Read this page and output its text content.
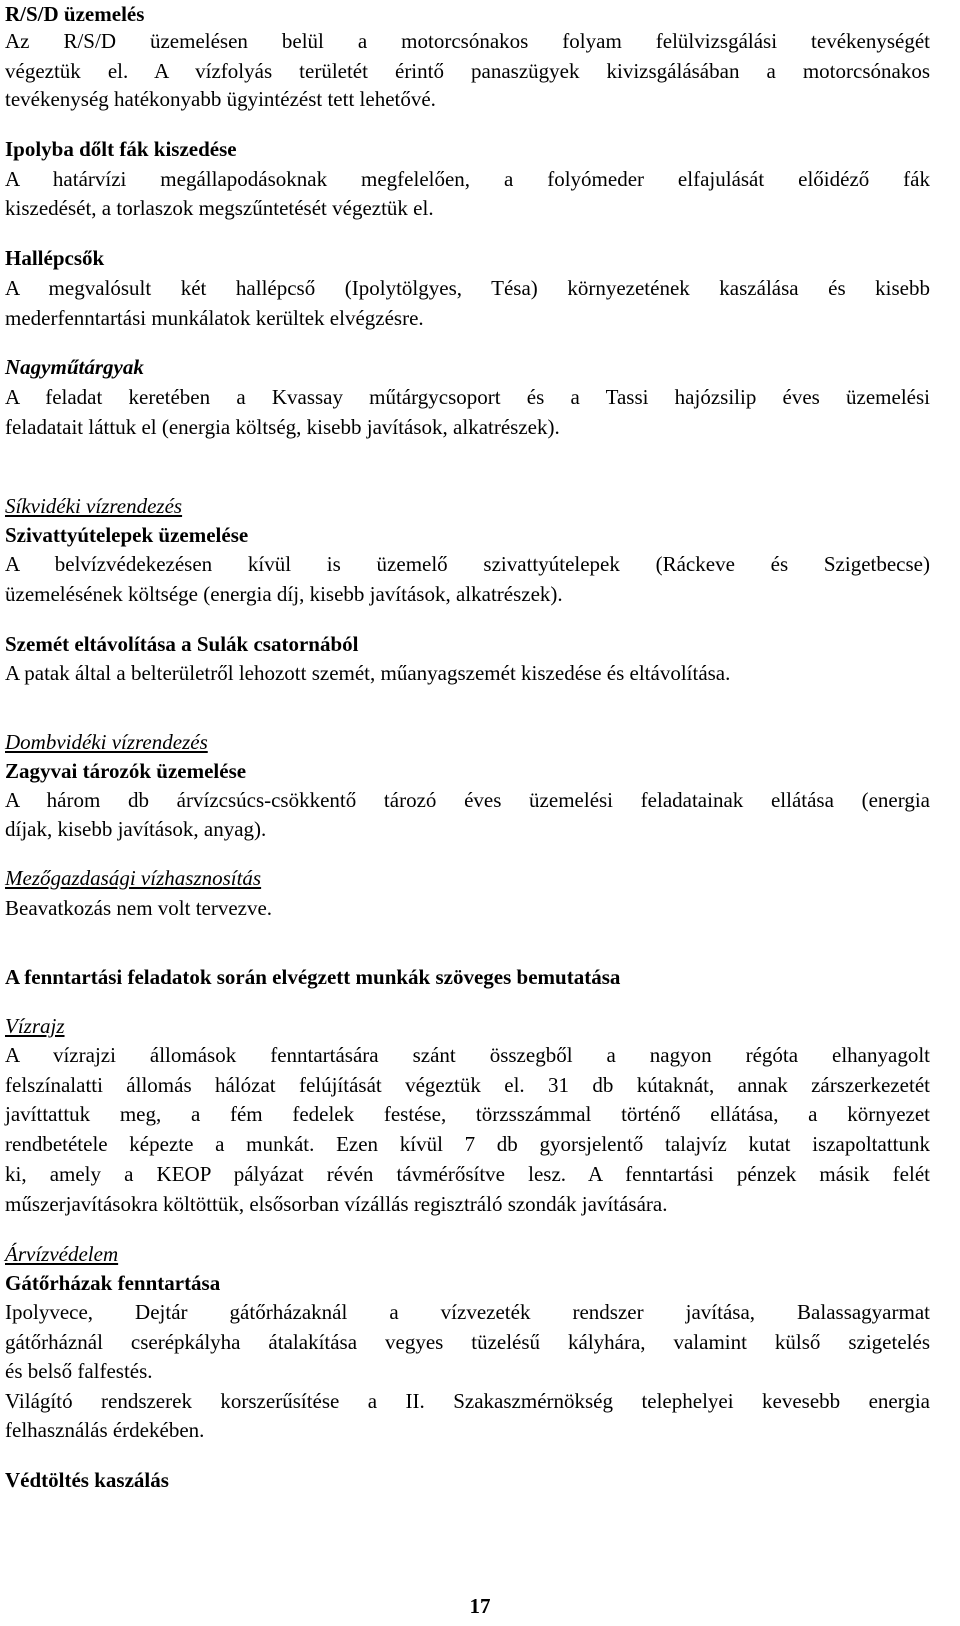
R/S/D üzemelés
Az R/S/D üzemelésen belül a motorcsónakos folyam felülvizsgálási tevékenységét
végeztük el. A vízfolyás területét érintő panaszügyek kivizsgálásában a motorcsónakos
tevékenység hatékonyabb ügyintézést tett lehetővé.
Ipolyba dőlt fák kiszedése
A határvízi megállapodásoknak megfelelően, a folyómeder elfajulását előidéző fák
kiszedését, a torlaszok megszűntetését végeztük el.
Hallépcsők
A megvalósult két hallépcső (Ipolytölgyes, Tésa) környezetének kaszálása és kisebb
mederfenntartási munkálatok kerültek elvégzésre.
Nagyműtárgyak
A feladat keretében a Kvassay műtárgycsoport és a Tassi hajózsilip éves üzemelési
feladatait láttuk el (energia költség, kisebb javítások, alkatrészek).
Síkvidéki vízrendezés
Szivattyútelepek üzemelése
A belvízvédekezésen kívül is üzemelő szivattyútelepek (Ráckeve és Szigetbecse)
üzemelésének költsége (energia díj, kisebb javítások, alkatrészek).
Szemét eltávolítása a Sulák csatornából
A patak által a belterületről lehozott szemét, műanyagszemét kiszedése és eltávolítása.
Dombvidéki vízrendezés
Zagyvai tározók üzemelése
A három db árvízcsúcs-csökkentő tározó éves üzemelési feladatainak ellátása (energia
díjak, kisebb javítások, anyag).
Mezőgazdasági vízhasznosítás
Beavatkozás nem volt tervezve.
A fenntartási feladatok során elvégzett munkák szöveges bemutatása
Vízrajz
A vízrajzi állomások fenntartására szánt összegből a nagyon régóta elhanyagolt
felszínalatti állomás hálózat felújítását végeztük el. 31 db kútaknát, annak zárszerkezetét
javíttattuk meg, a fém fedelek festése, törzsszámmal történő ellátása, a környezet
rendbetétele képezte a munkát. Ezen kívül 7 db gyorsjelentő talajvíz kutat iszapoltattunk
ki, amely a KEOP pályázat révén távmérősítve lesz. A fenntartási pénzek másik felét
műszerjavításokra költöttük, elsősorban vízállás regisztráló szondák javítására.
Árvízvédelem
Gátőrházak fenntartása
Ipolyvece, Dejtár gátőrházaknál a vízvezeték rendszer javítása, Balassagyarmat
gátőrháznál cserépkályha átalakítása vegyes tüzelésű kályhára, valamint külső szigetelés
és belső falfestés.
Világító rendszerek korszerűsítése a II. Szakaszmérnökség telephelyei kevesebb energia
felhasználás érdekében.
Védtöltés kaszálás
17
